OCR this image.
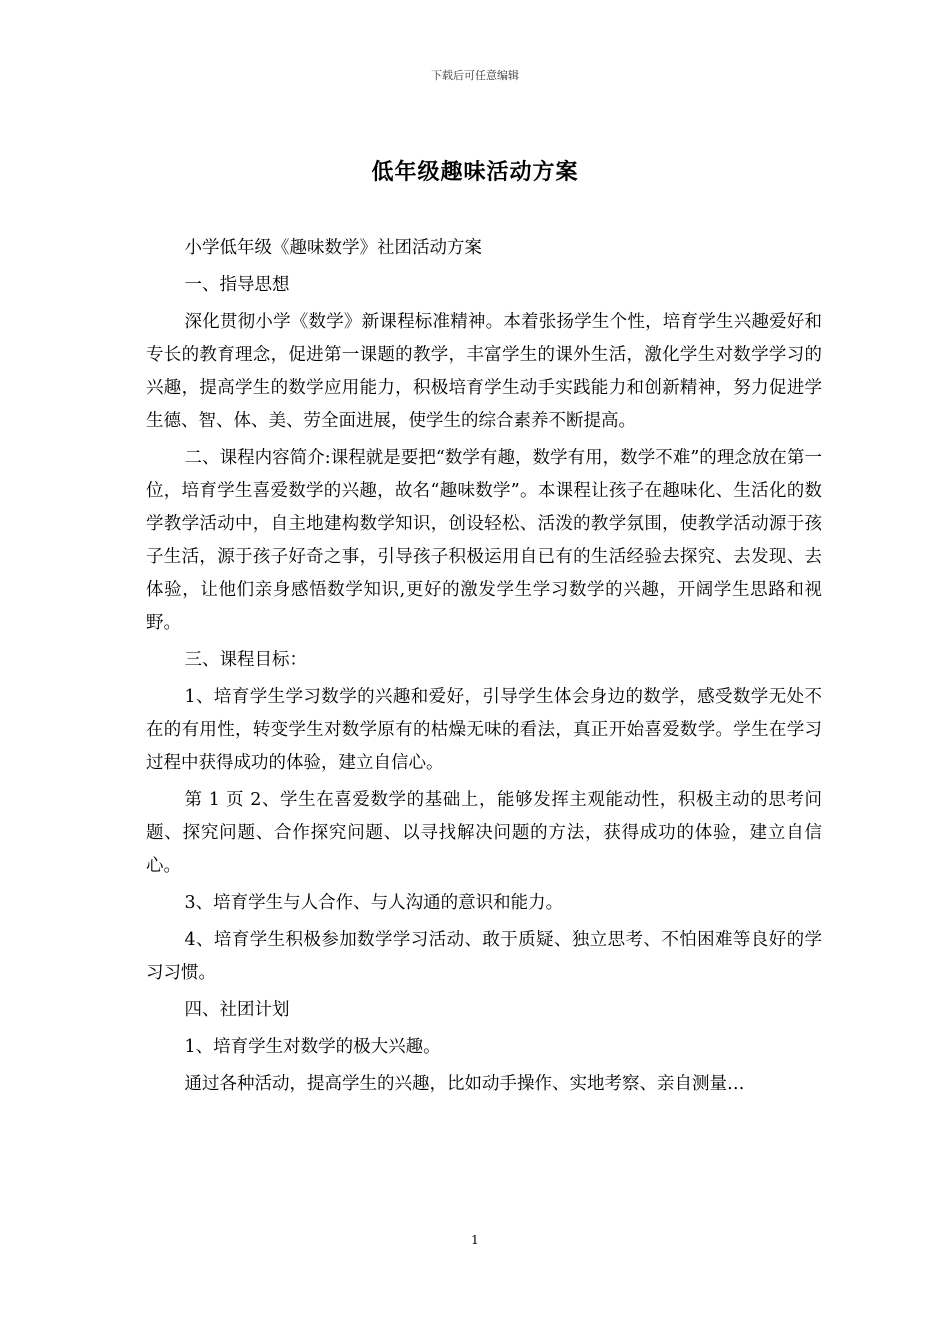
下载后可任意编辑
低年级趣味活动方案

小学低年级《趣味数学》社团活动方案

一、指导思想

深化贯彻小学《数学》新课程标准精神。本着张扬学生个性，培育学生兴趣爱好和专长的教育理念，促进第一课题的教学，丰富学生的课外生活，激化学生对数学学习的兴趣，提高学生的数学应用能力，积极培育学生动手实践能力和创新精神，努力促进学生德、智、体、美、劳全面进展，使学生的综合素养不断提高。

二、课程内容简介:课程就是要把“数学有趣，数学有用，数学不难”的理念放在第一位，培育学生喜爱数学的兴趣，故名“趣味数学”。本课程让孩子在趣味化、生活化的数学教学活动中，自主地建构数学知识，创设轻松、活泼的教学氛围，使教学活动源于孩子生活，源于孩子好奇之事，引导孩子积极运用自已有的生活经验去探究、去发现、去体验，让他们亲身感悟数学知识,更好的激发学生学习数学的兴趣，开阔学生思路和视野。

三、课程目标：

1、培育学生学习数学的兴趣和爱好，引导学生体会身边的数学，感受数学无处不在的有用性，转变学生对数学原有的枯燥无味的看法，真正开始喜爱数学。学生在学习过程中获得成功的体验，建立自信心。

第 1 页 2、学生在喜爱数学的基础上，能够发挥主观能动性，积极主动的思考问题、探究问题、合作探究问题、以寻找解决问题的方法，获得成功的体验，建立自信心。

3、培育学生与人合作、与人沟通的意识和能力。

4、培育学生积极参加数学学习活动、敢于质疑、独立思考、不怕困难等良好的学习习惯。

四、社团计划

1、培育学生对数学的极大兴趣。

通过各种活动，提高学生的兴趣，比如动手操作、实地考察、亲自测量…

1
